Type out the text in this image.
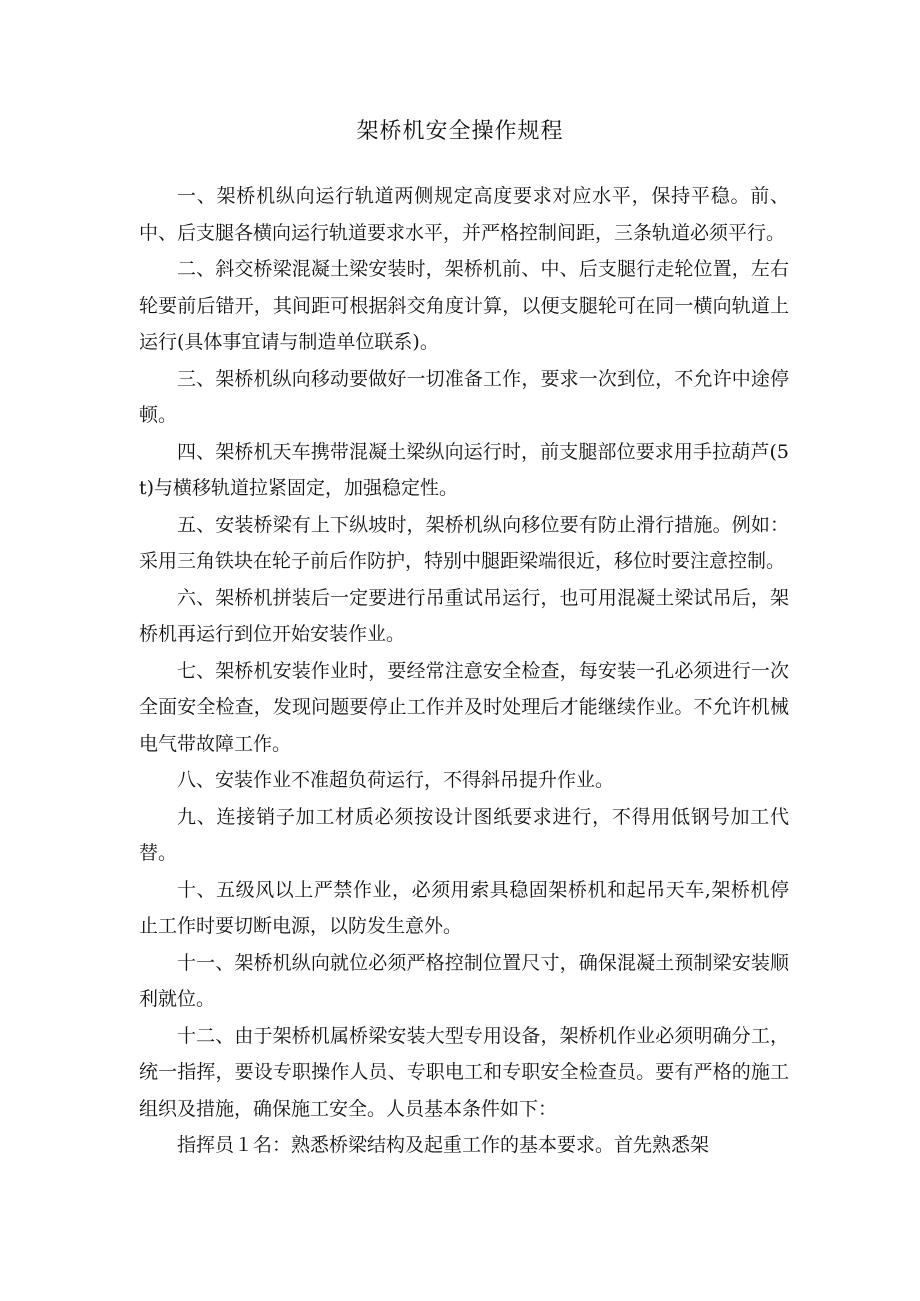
架桥机安全操作规程

一、架桥机纵向运行轨道两侧规定高度要求对应水平，保持平稳。前、中、后支腿各横向运行轨道要求水平，并严格控制间距，三条轨道必须平行。

二、斜交桥梁混凝土梁安装时，架桥机前、中、后支腿行走轮位置，左右轮要前后错开，其间距可根据斜交角度计算，以便支腿轮可在同一横向轨道上运行(具体事宜请与制造单位联系)。

三、架桥机纵向移动要做好一切准备工作，要求一次到位，不允许中途停顿。

四、架桥机天车携带混凝土梁纵向运行时，前支腿部位要求用手拉葫芦(5t)与横移轨道拉紧固定，加强稳定性。

五、安装桥梁有上下纵坡时，架桥机纵向移位要有防止滑行措施。例如：采用三角铁块在轮子前后作防护，特别中腿距梁端很近，移位时要注意控制。

六、架桥机拼装后一定要进行吊重试吊运行，也可用混凝土梁试吊后，架桥机再运行到位开始安装作业。

七、架桥机安装作业时，要经常注意安全检查，每安装一孔必须进行一次全面安全检查，发现问题要停止工作并及时处理后才能继续作业。不允许机械电气带故障工作。

八、安装作业不准超负荷运行，不得斜吊提升作业。

九、连接销子加工材质必须按设计图纸要求进行，不得用低钢号加工代替。

十、五级风以上严禁作业，必须用索具稳固架桥机和起吊天车,架桥机停止工作时要切断电源，以防发生意外。

十一、架桥机纵向就位必须严格控制位置尺寸，确保混凝土预制梁安装顺利就位。

十二、由于架桥机属桥梁安装大型专用设备，架桥机作业必须明确分工，统一指挥，要设专职操作人员、专职电工和专职安全检查员。要有严格的施工组织及措施，确保施工安全。人员基本条件如下：

指挥员１名：熟悉桥梁结构及起重工作的基本要求。首先熟悉架
